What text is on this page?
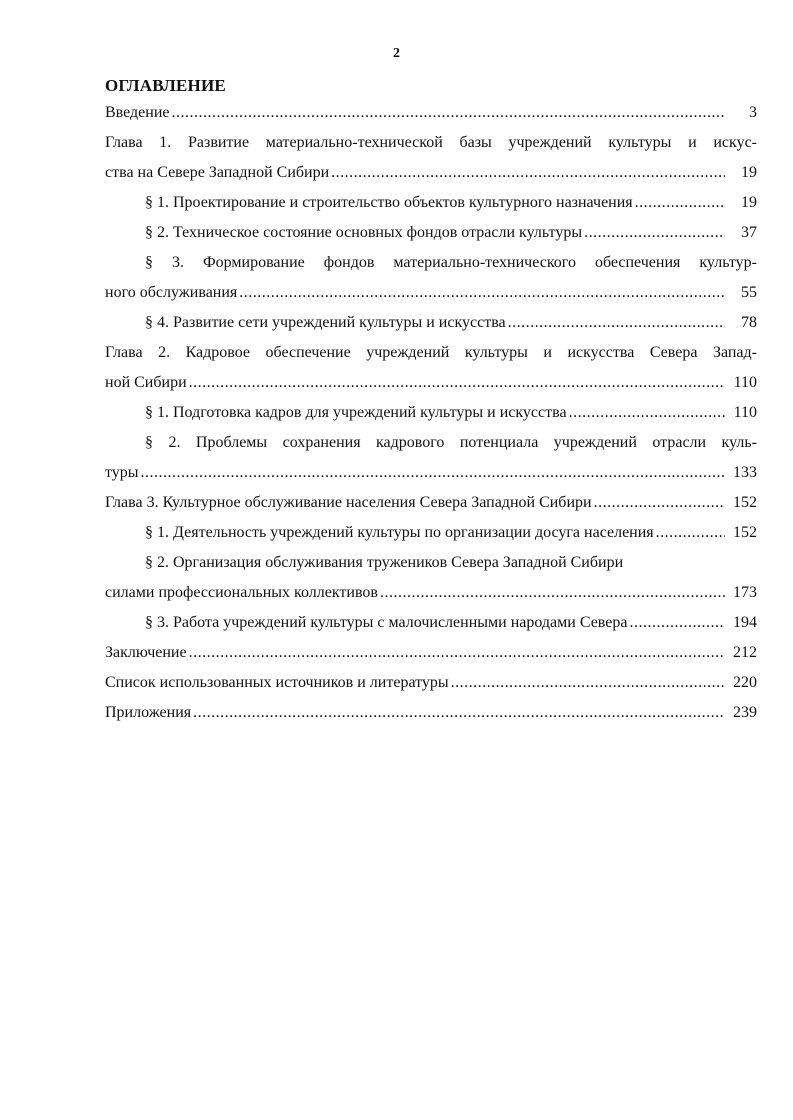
2
ОГЛАВЛЕНИЕ
Введение .....	3
Глава 1. Развитие материально-технической базы учреждений культуры и искус-
ства на Севере Западной Сибири .....	19
§ 1. Проектирование и строительство объектов культурного назначения .....	19
§ 2. Техническое состояние основных фондов отрасли культуры .....	37
§ 3. Формирование фондов материально-технического обеспечения культур-
ного обслуживания .....	55
§ 4. Развитие сети учреждений культуры и искусства .....	78
Глава 2. Кадровое обеспечение учреждений культуры и искусства Севера Запад-
ной Сибири .....	110
§ 1. Подготовка кадров для учреждений культуры и искусства .....	110
§ 2. Проблемы сохранения кадрового потенциала учреждений отрасли куль-
туры .....	133
Глава 3. Культурное обслуживание населения Севера Западной Сибири .....	152
§ 1. Деятельность учреждений культуры по организации досуга населения .....	152
§ 2. Организация обслуживания тружеников Севера Западной Сибири
силами профессиональных коллективов .....	173
§ 3. Работа учреждений культуры с малочисленными народами Севера .....	194
Заключение .....	212
Список использованных источников и литературы .....	220
Приложения .....	239
